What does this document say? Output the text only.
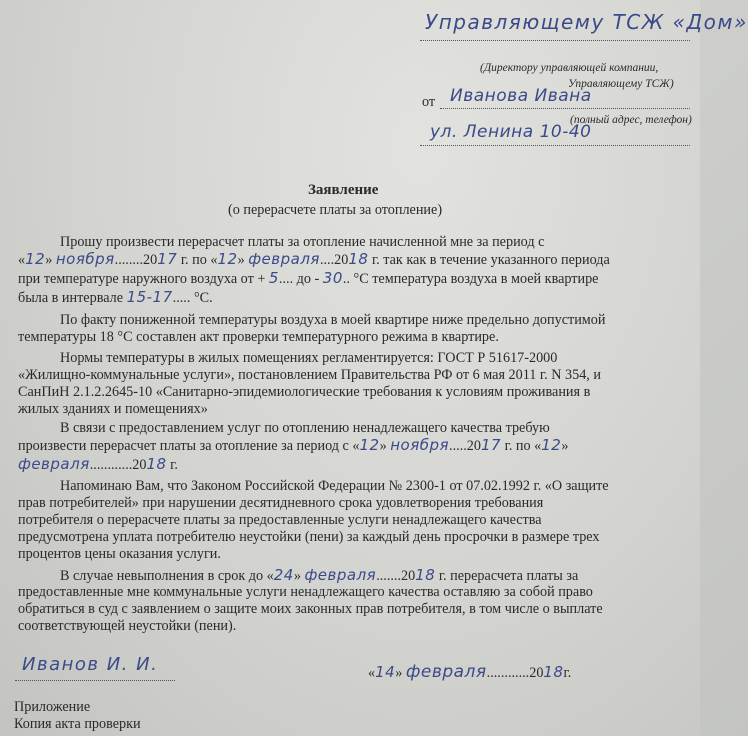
Управляющему ТСЖ «Дом»
(Директору управляющей компании,
Управляющему ТСЖ)
от Иванова Ивана
(полный адрес, телефон)
ул. Ленина 10-40
Заявление
(о перерасчете платы за отопление)
Прошу произвести перерасчет платы за отопление начисленной мне за период с
«12» ноября........2017 г. по «12» февраля....2018 г. так как в течение указанного периода
при температуре наружного воздуха от + 5.... до - 30.. °С температура воздуха в моей квартире
была в интервале 15-17..... °С.
По факту пониженной температуры воздуха в моей квартире ниже предельно допустимой
температуры 18 °С составлен акт проверки температурного режима в квартире.
Нормы температуры в жилых помещениях регламентируется: ГОСТ Р 51617-2000
«Жилищно-коммунальные услуги», постановлением Правительства РФ от 6 мая 2011 г. N 354, и
СанПиН 2.1.2.2645-10 «Санитарно-эпидемиологические требования к условиям проживания в
жилых зданиях и помещениях»
В связи с предоставлением услуг по отоплению ненадлежащего качества требую
произвести перерасчет платы за отопление за период с «12» ноября.....2017 г. по «12»
февраля............2018 г.
Напоминаю Вам, что Законом Российской Федерации № 2300-1 от 07.02.1992 г. «О защите
прав потребителей» при нарушении десятидневного срока удовлетворения требования
потребителя о перерасчете платы за предоставленные услуги ненадлежащего качества
предусмотрена уплата потребителю неустойки (пени) за каждый день просрочки в размере трех
процентов цены оказания услуги.
В случае невыполнения в срок до «24» февраля.......2018 г. перерасчета платы за
предоставленные мне коммунальные услуги ненадлежащего качества оставляю за собой право
обратиться в суд с заявлением о защите моих законных прав потребителя, в том числе о выплате
соответствующей неустойки (пени).
Иванов И. И.	«14» февраля............2018г.
Приложение
Копия акта проверки
